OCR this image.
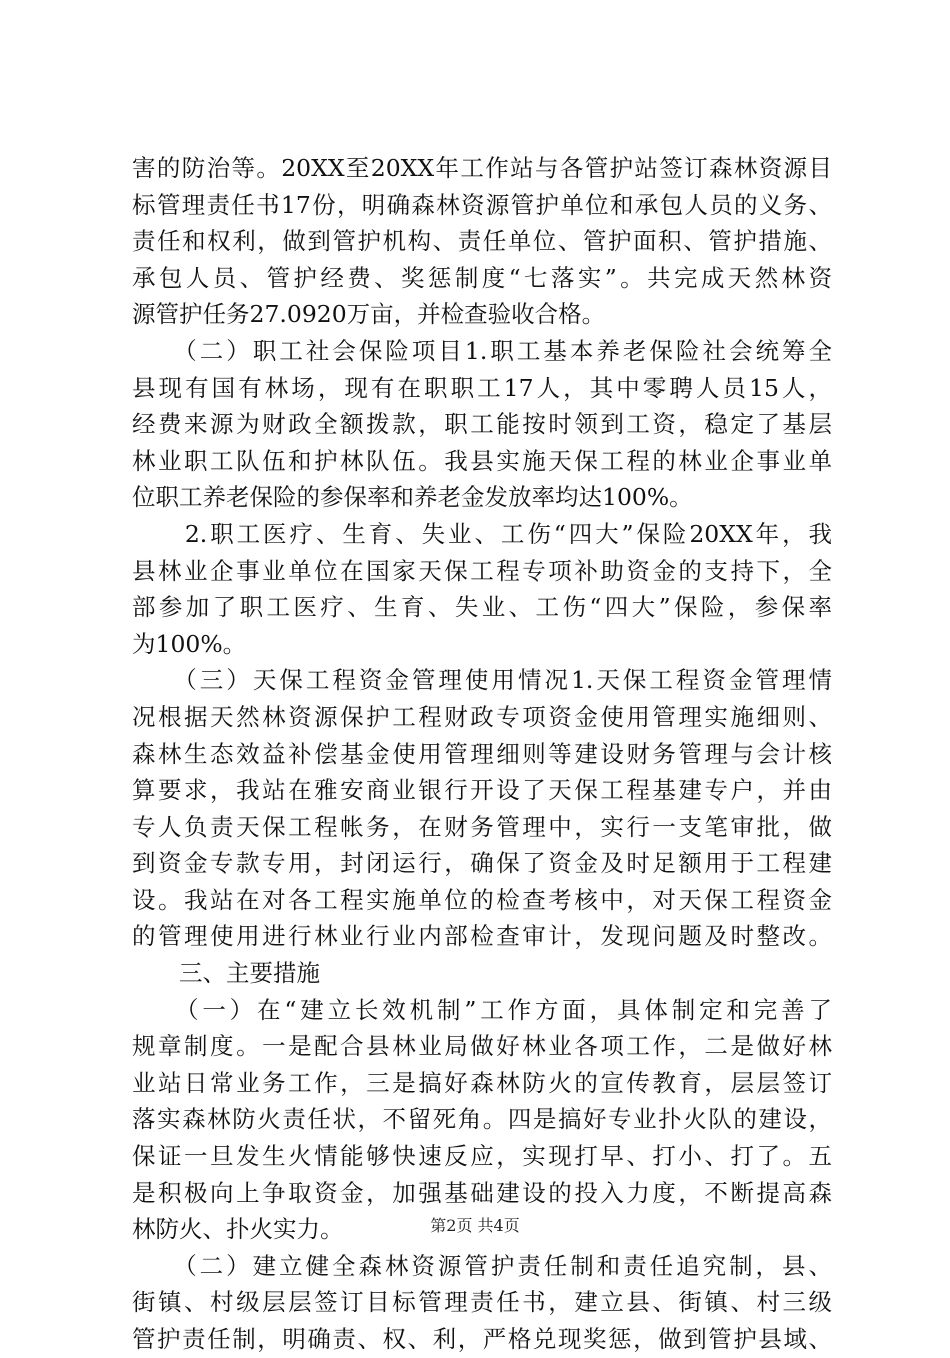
害的防治等。20XX至20XX年工作站与各管护站签订森林资源目
标管理责任书17份，明确森林资源管护单位和承包人员的义务、
责任和权利，做到管护机构、责任单位、管护面积、管护措施、
承包人员、管护经费、奖惩制度“七落实”。共完成天然林资
源管护任务27.0920万亩，并检查验收合格。
　　（二）职工社会保险项目1.职工基本养老保险社会统筹全
县现有国有林场，现有在职职工17人，其中零聘人员15人，
经费来源为财政全额拨款，职工能按时领到工资，稳定了基层
林业职工队伍和护林队伍。我县实施天保工程的林业企事业单
位职工养老保险的参保率和养老金发放率均达100%。
　　2.职工医疗、生育、失业、工伤“四大”保险20XX年，我
县林业企事业单位在国家天保工程专项补助资金的支持下，全
部参加了职工医疗、生育、失业、工伤“四大”保险，参保率
为100%。
　　（三）天保工程资金管理使用情况1.天保工程资金管理情
况根据天然林资源保护工程财政专项资金使用管理实施细则、
森林生态效益补偿基金使用管理细则等建设财务管理与会计核
算要求，我站在雅安商业银行开设了天保工程基建专户，并由
专人负责天保工程帐务，在财务管理中，实行一支笔审批，做
到资金专款专用，封闭运行，确保了资金及时足额用于工程建
设。我站在对各工程实施单位的检查考核中，对天保工程资金
的管理使用进行林业行业内部检查审计，发现问题及时整改。
　　三、主要措施
　　（一）在“建立长效机制”工作方面，具体制定和完善了
规章制度。一是配合县林业局做好林业各项工作，二是做好林
业站日常业务工作，三是搞好森林防火的宣传教育，层层签订
落实森林防火责任状，不留死角。四是搞好专业扑火队的建设，
保证一旦发生火情能够快速反应，实现打早、打小、打了。五
是积极向上争取资金，加强基础建设的投入力度，不断提高森
林防火、扑火实力。
　　（二）建立健全森林资源管护责任制和责任追究制，县、
街镇、村级层层签订目标管理责任书，建立县、街镇、村三级
管护责任制，明确责、权、利，严格兑现奖惩，做到管护县域、
第2页 共4页
